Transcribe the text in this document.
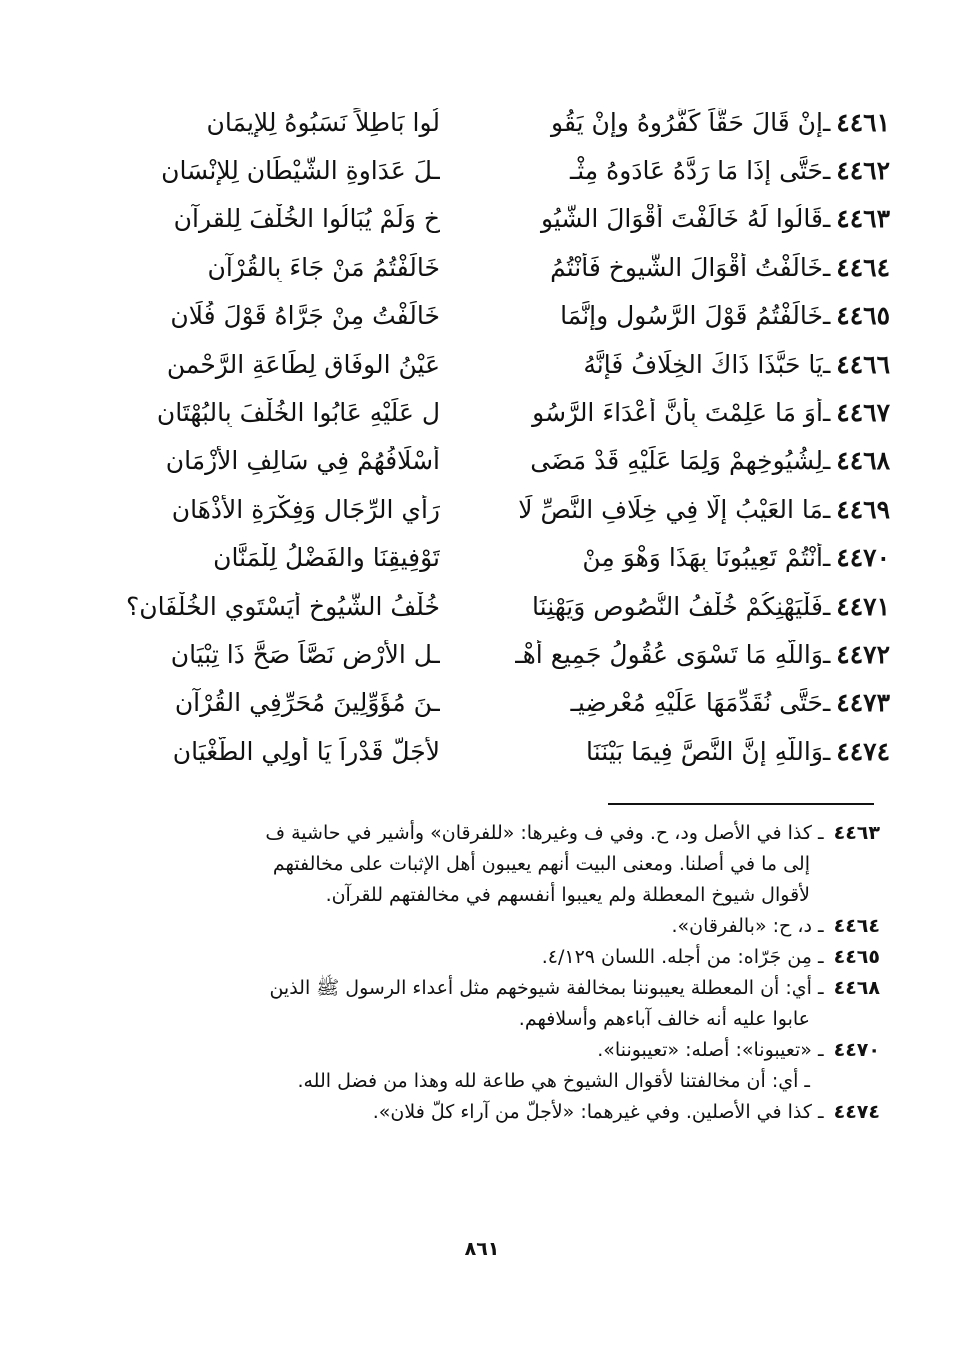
٤٤٦١
ـ
إنْ قَالَ حَقَّاً كَفَّرُوهُ وإنْ يَقُو
لُوا بَاطِلاً نَسَبُوهُ لِلإيمَانِ
٤٤٦٢
ـ
حَتَّى إذَا مَا رَدَّهُ عَادَوهُ مِثْـ
ـلَ عَدَاوةِ الشَّيْطَانِ لِلإنْسَانِ
٤٤٦٣
ـ
قَالُوا لَهُ خَالَفْتَ أقْوَالَ الشُّيُو
خِ وَلَمْ يُبَالُوا الخُلْفَ لِلقرآنِ
٤٤٦٤
ـ
خَالَفْتُ أقْوَالَ الشُّيوخِ فَأنْتُمُ
خَالَفْتُمُ مَنْ جَاءَ بِالقُرْآنِ
٤٤٦٥
ـ
خَالَفْتُمُ قَوْلَ الرَّسُولِ وإنَّمَا
خَالَفْتُ مِنْ جَرَّاهُ قَوْلَ فُلَانِ
٤٤٦٦
ـ
يَا حَبَّذَا ذَاكَ الخِلَافُ فَإنَّهُ
عَيْنُ الوِفَاقِ لِطَاعَةِ الرَّحْمنِ
٤٤٦٧
ـ
أوَ مَا عَلِمْتَ بِأنَّ أعْدَاءَ الرَّسُو
لِ عَلَيْهِ عَابُوا الخُلْفَ بِالبُهْتَانِ
٤٤٦٨
ـ
لِشُيُوخِهِمْ وَلِمَا عَلَيْهِ قَدْ مَضَى
أسْلَافُهُمْ فِي سَالِفِ الأزْمَانِ
٤٤٦٩
ـ
مَا العَيْبُ إلَّا فِي خِلَافِ النَّصِّ لَا
رَأيِ الرِّجَالِ وَفِكْرَةِ الأذْهَانِ
٤٤٧٠
ـ
أنْتُمْ تَعِيبُونَا بِهَذَا وَهْوَ مِنْ
تَوْفِيقِنَا والفَضْلُ لِلْمَنَّانِ
٤٤٧١
ـ
فَلْيَهْنِكُمْ خُلْفُ النُّصُوصِ وَيَهْنِنَا
خُلْفُ الشُّيُوخِ أيَسْتَوِي الخُلْفَانِ؟
٤٤٧٢
ـ
وَاللّهِ مَا تَسْوَى عُقُولُ جَمِيعِ أهْـ
ـلِ الأرْضِ نَصَّاً صَحَّ ذَا تِبْيَانِ
٤٤٧٣
ـ
حَتَّى نُقَدِّمَهَا عَلَيْهِ مُعْرِضِيـ
ـنَ مُؤَوِّلِينَ مُحَرِّفِي القُرْآنِ
٤٤٧٤
ـ
وَاللّهِ إنَّ النَّصَّ فِيمَا بَيْنَنَا
لأجَلُّ قَدْراً يَا أولِي الطُّغْيَانِ

٤٤٦٣ ـ كذا في الأصل ود، ح. وفي ف وغيرها: «للفرقان» وأشير في حاشية ف
إلى ما في أصلنا. ومعنى البيت أنهم يعيبون أهل الإثبات على مخالفتهم
لأقوال شيوخ المعطلة ولم يعيبوا أنفسهم في مخالفتهم للقرآن.

٤٤٦٤ ـ د، ح: «بالفرقان».

٤٤٦٥ ـ مِن جَرّاه: من أجله. اللسان ٤/١٢٩.

٤٤٦٨ ـ أي: أن المعطلة يعيبوننا بمخالفة شيوخهم مثل أعداء الرسول ﷺ الذين
عابوا عليه أنه خالف آباءهم وأسلافهم.

٤٤٧٠ ـ «تعيبونا»: أصله: «تعيبوننا».

ـ أي: أن مخالفتنا لأقوال الشيوخ هي طاعة لله وهذا من فضل الله.

٤٤٧٤ ـ كذا في الأصلين. وفي غيرهما: «لأجلّ من آراء كلّ فلان».

٨٦١
